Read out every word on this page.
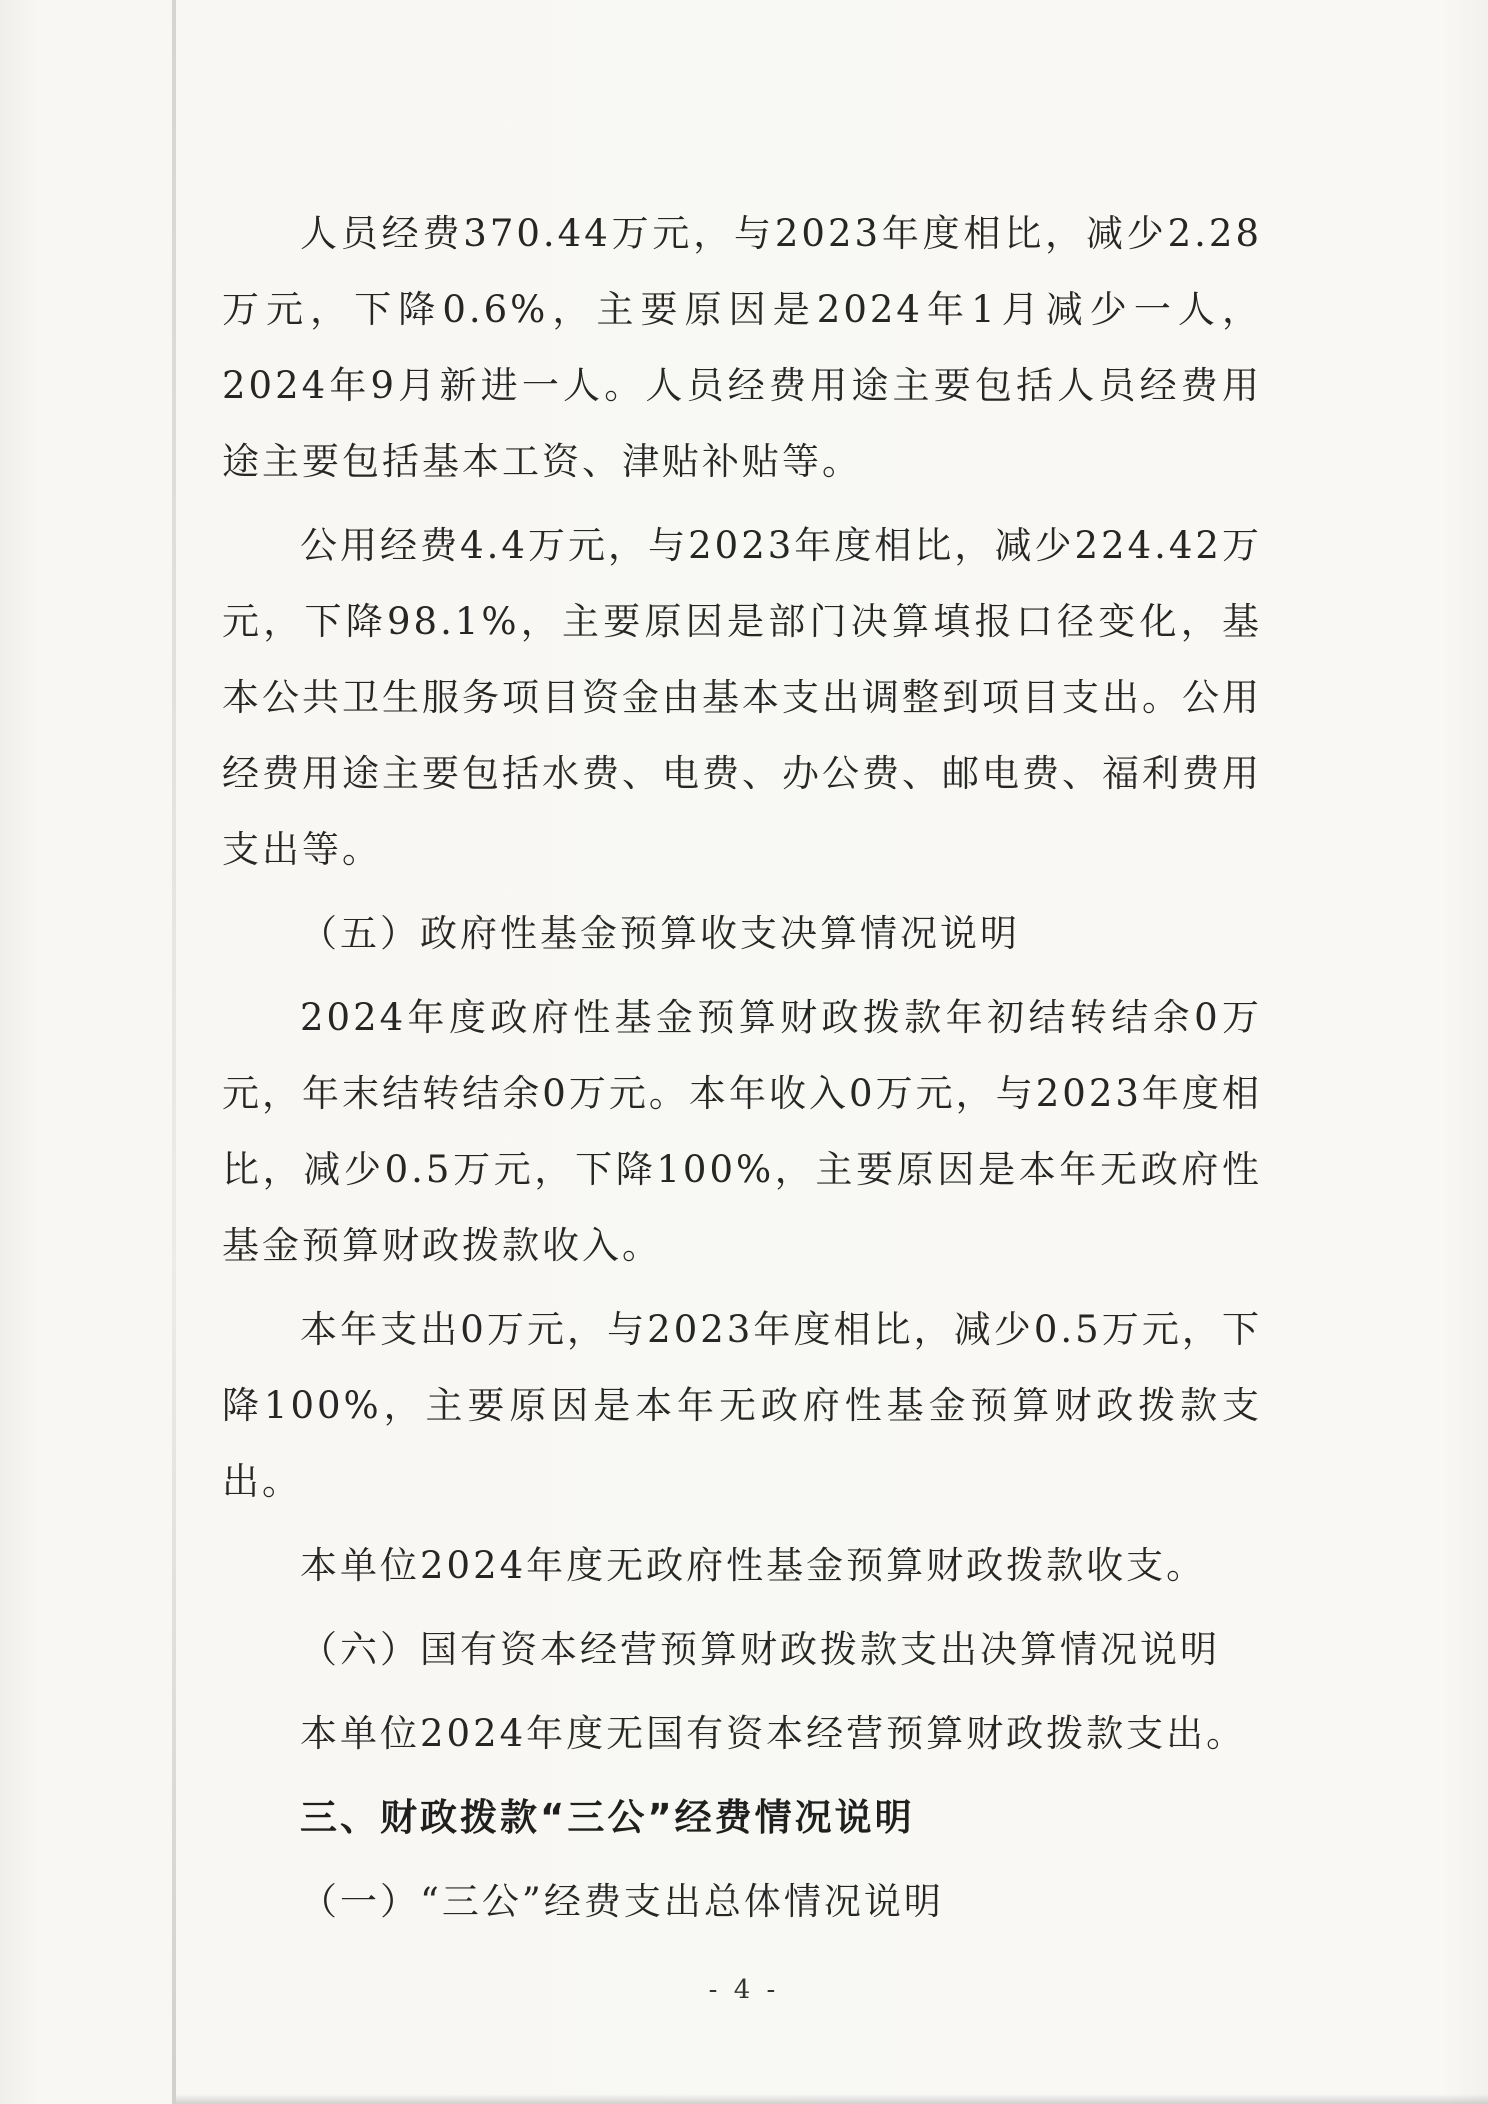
人员经费370.44万元，与2023年度相比，减少2.28万元，下降0.6%，主要原因是2024年1月减少一人，2024年9月新进一人。人员经费用途主要包括人员经费用途主要包括基本工资、津贴补贴等。

公用经费4.4万元，与2023年度相比，减少224.42万元，下降98.1%，主要原因是部门决算填报口径变化，基本公共卫生服务项目资金由基本支出调整到项目支出。公用经费用途主要包括水费、电费、办公费、邮电费、福利费用支出等。

（五）政府性基金预算收支决算情况说明

2024年度政府性基金预算财政拨款年初结转结余0万元，年末结转结余0万元。本年收入0万元，与2023年度相比，减少0.5万元，下降100%，主要原因是本年无政府性基金预算财政拨款收入。

本年支出0万元，与2023年度相比，减少0.5万元，下降100%，主要原因是本年无政府性基金预算财政拨款支出。

本单位2024年度无政府性基金预算财政拨款收支。

（六）国有资本经营预算财政拨款支出决算情况说明

本单位2024年度无国有资本经营预算财政拨款支出。

三、财政拨款“三公”经费情况说明

（一）“三公”经费支出总体情况说明

- 4 -
